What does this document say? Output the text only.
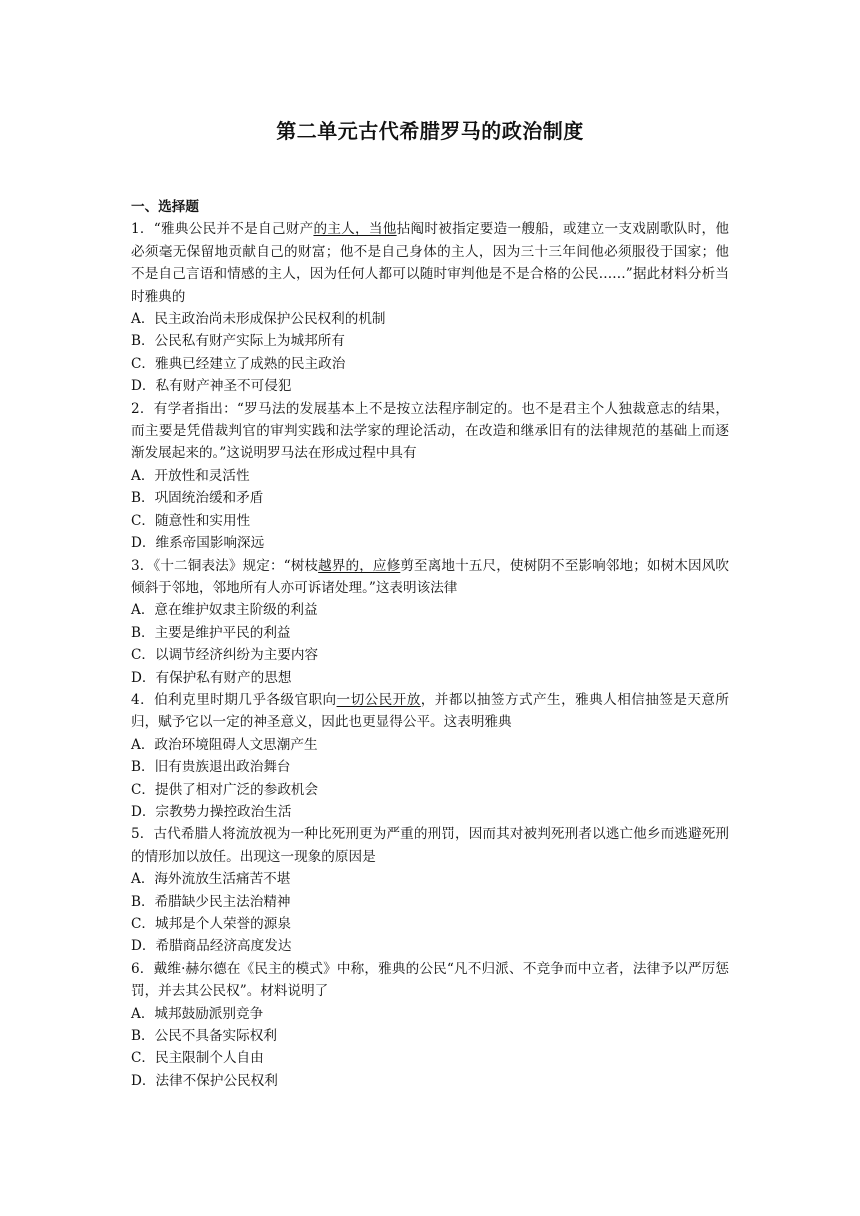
第二单元古代希腊罗马的政治制度
一、选择题
1．“雅典公民并不是自己财产的主人，当他拈阄时被指定要造一艘船，或建立一支戏剧歌队时，他必须毫无保留地贡献自己的财富；他不是自己身体的主人，因为三十三年间他必须服役于国家；他不是自己言语和情感的主人，因为任何人都可以随时审判他是不是合格的公民……”据此材料分析当时雅典的
A．民主政治尚未形成保护公民权利的机制
B．公民私有财产实际上为城邦所有
C．雅典已经建立了成熟的民主政治
D．私有财产神圣不可侵犯
2．有学者指出：“罗马法的发展基本上不是按立法程序制定的。也不是君主个人独裁意志的结果，而主要是凭借裁判官的审判实践和法学家的理论活动，在改造和继承旧有的法律规范的基础上而逐渐发展起来的。”这说明罗马法在形成过程中具有
A．开放性和灵活性
B．巩固统治缓和矛盾
C．随意性和实用性
D．维系帝国影响深远
3．《十二铜表法》规定：“树枝越界的，应修剪至离地十五尺，使树阴不至影响邻地；如树木因风吹倾斜于邻地，邻地所有人亦可诉诸处理。”这表明该法律
A．意在维护奴隶主阶级的利益
B．主要是维护平民的利益
C．以调节经济纠纷为主要内容
D．有保护私有财产的思想
4．伯利克里时期几乎各级官职向一切公民开放，并都以抽签方式产生，雅典人相信抽签是天意所归，赋予它以一定的神圣意义，因此也更显得公平。这表明雅典
A．政治环境阻碍人文思潮产生
B．旧有贵族退出政治舞台
C．提供了相对广泛的参政机会
D．宗教势力操控政治生活
5．古代希腊人将流放视为一种比死刑更为严重的刑罚，因而其对被判死刑者以逃亡他乡而逃避死刑的情形加以放任。出现这一现象的原因是
A．海外流放生活痛苦不堪
B．希腊缺少民主法治精神
C．城邦是个人荣誉的源泉
D．希腊商品经济高度发达
6．戴维·赫尔德在《民主的模式》中称，雅典的公民“凡不归派、不竞争而中立者，法律予以严厉惩罚，并去其公民权”。材料说明了
A．城邦鼓励派别竞争
B．公民不具备实际权利
C．民主限制个人自由
D．法律不保护公民权利
